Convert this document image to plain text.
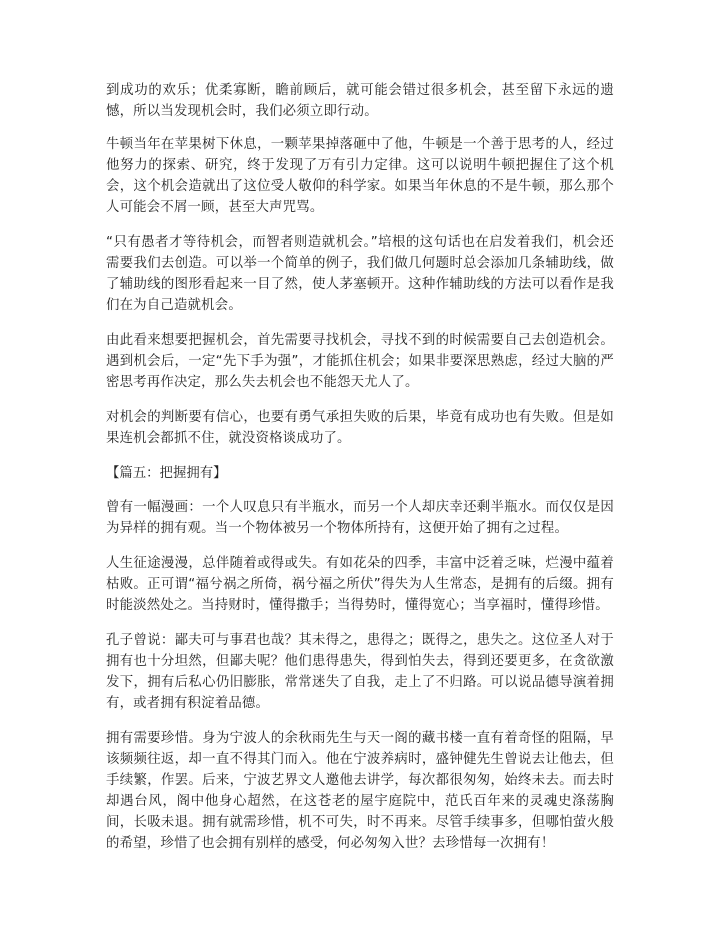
到成功的欢乐；优柔寡断，瞻前顾后，就可能会错过很多机会，甚至留下永远的遗憾，所以当发现机会时，我们必须立即行动。

牛顿当年在苹果树下休息，一颗苹果掉落砸中了他，牛顿是一个善于思考的人，经过他努力的探索、研究，终于发现了万有引力定律。这可以说明牛顿把握住了这个机会，这个机会造就出了这位受人敬仰的科学家。如果当年休息的不是牛顿，那么那个人可能会不屑一顾，甚至大声咒骂。

“只有愚者才等待机会，而智者则造就机会。”培根的这句话也在启发着我们，机会还需要我们去创造。可以举一个简单的例子，我们做几何题时总会添加几条辅助线，做了辅助线的图形看起来一目了然，使人茅塞顿开。这种作辅助线的方法可以看作是我们在为自己造就机会。

由此看来想要把握机会，首先需要寻找机会，寻找不到的时候需要自己去创造机会。遇到机会后，一定“先下手为强”，才能抓住机会；如果非要深思熟虑，经过大脑的严密思考再作决定，那么失去机会也不能怨天尤人了。

对机会的判断要有信心，也要有勇气承担失败的后果，毕竟有成功也有失败。但是如果连机会都抓不住，就没资格谈成功了。

【篇五：把握拥有】

曾有一幅漫画：一个人叹息只有半瓶水，而另一个人却庆幸还剩半瓶水。而仅仅是因为异样的拥有观。当一个物体被另一个物体所持有，这便开始了拥有之过程。

人生征途漫漫，总伴随着或得或失。有如花朵的四季，丰富中泛着乏味，烂漫中蕴着枯败。正可谓“福兮祸之所倚，祸兮福之所伏”得失为人生常态，是拥有的后缀。拥有时能淡然处之。当持财时，懂得撒手；当得势时，懂得宽心；当享福时，懂得珍惜。

孔子曾说：鄙夫可与事君也哉？其未得之，患得之；既得之，患失之。这位圣人对于拥有也十分坦然，但鄙夫呢？他们患得患失，得到怕失去，得到还要更多，在贪欲激发下，拥有后私心仍旧膨胀，常常迷失了自我，走上了不归路。可以说品德导演着拥有，或者拥有积淀着品德。

拥有需要珍惜。身为宁波人的余秋雨先生与天一阁的藏书楼一直有着奇怪的阻隔，早该频频往返，却一直不得其门而入。他在宁波养病时，盛钟健先生曾说去让他去，但手续繁，作罢。后来，宁波艺界文人邀他去讲学，每次都很匆匆，始终未去。而去时却遇台风，阁中他身心超然，在这苍老的屋宇庭院中，范氏百年来的灵魂史涤荡胸间，长吸未退。拥有就需珍惜，机不可失，时不再来。尽管手续事多，但哪怕萤火般的希望，珍惜了也会拥有别样的感受，何必匆匆入世？去珍惜每一次拥有！
